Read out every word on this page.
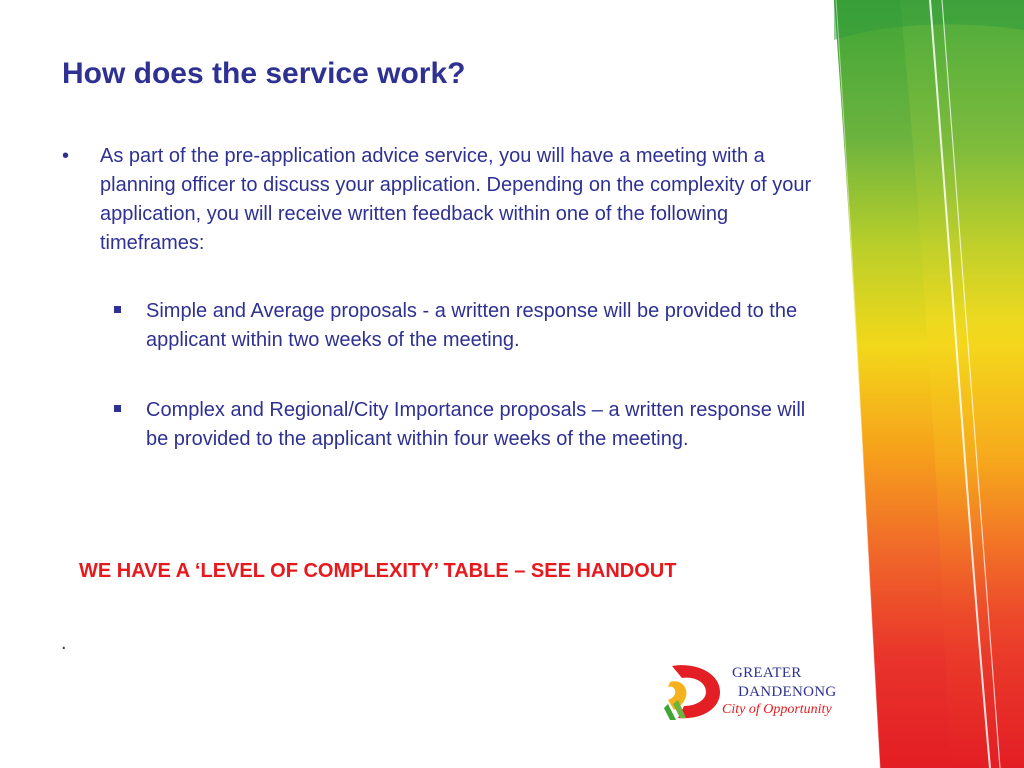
How does the service work?
• As part of the pre-application advice service, you will have a meeting with a planning officer to discuss your application. Depending on the complexity of your application, you will receive written feedback within one of the following timeframes:
Simple and Average proposals - a written response will be provided to the applicant within two weeks of the meeting.
Complex and Regional/City Importance proposals – a written response will be provided to the applicant within four weeks of the meeting.

WE HAVE A ‘LEVEL OF COMPLEXITY’ TABLE – SEE HANDOUT

.
GREATER
DANDENONG
City of Opportunity
